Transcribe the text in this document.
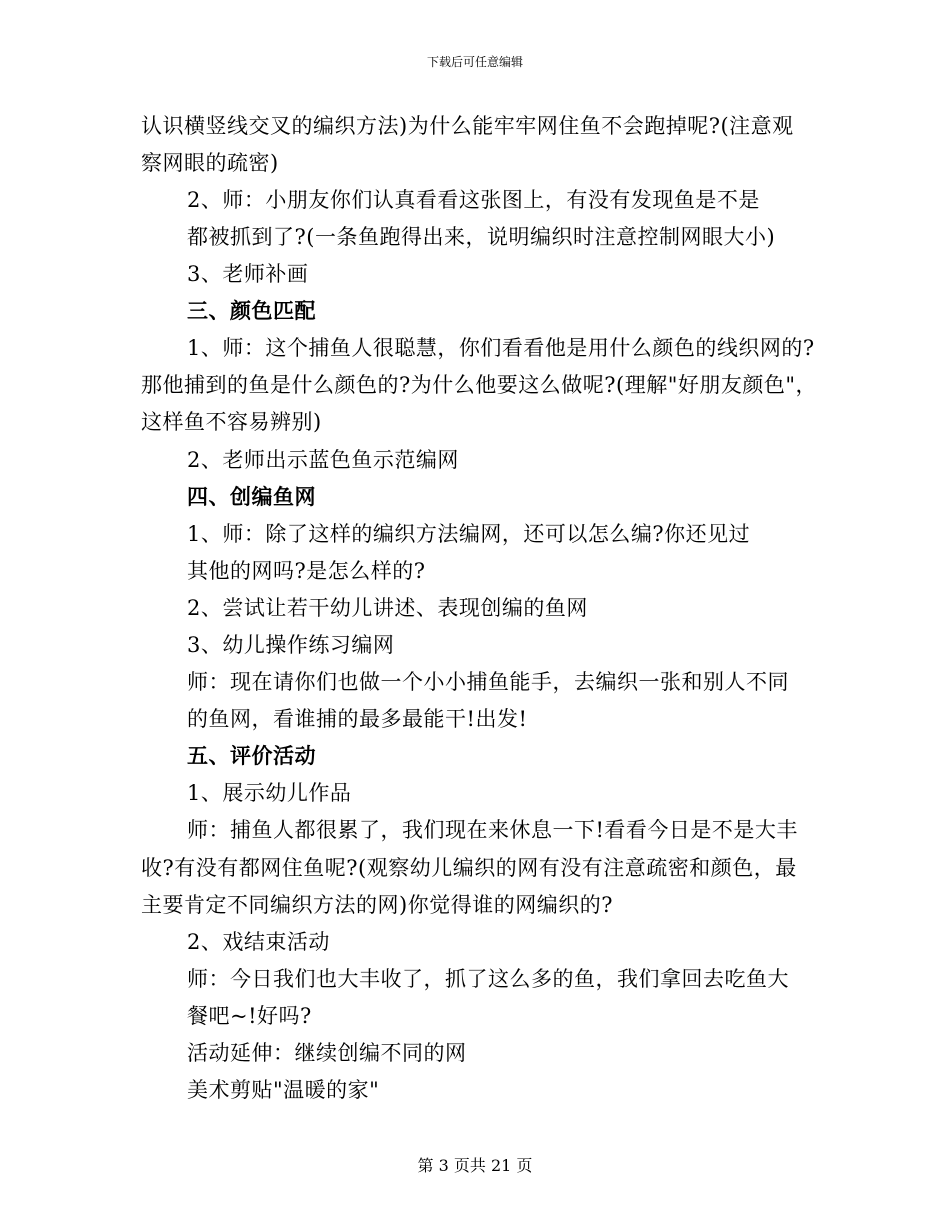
下载后可任意编辑
认识横竖线交叉的编织方法)为什么能牢牢网住鱼不会跑掉呢?(注意观
察网眼的疏密)
2、师：小朋友你们认真看看这张图上，有没有发现鱼是不是
都被抓到了?(一条鱼跑得出来，说明编织时注意控制网眼大小)
3、老师补画
三、颜色匹配
1、师：这个捕鱼人很聪慧，你们看看他是用什么颜色的线织网的?
那他捕到的鱼是什么颜色的?为什么他要这么做呢?(理解"好朋友颜色"，
这样鱼不容易辨别)
2、老师出示蓝色鱼示范编网
四、创编鱼网
1、师：除了这样的编织方法编网，还可以怎么编?你还见过
其他的网吗?是怎么样的?
2、尝试让若干幼儿讲述、表现创编的鱼网
3、幼儿操作练习编网
师：现在请你们也做一个小小捕鱼能手，去编织一张和别人不同
的鱼网，看谁捕的最多最能干!出发!
五、评价活动
1、展示幼儿作品
师：捕鱼人都很累了，我们现在来休息一下!看看今日是不是大丰
收?有没有都网住鱼呢?(观察幼儿编织的网有没有注意疏密和颜色，最
主要肯定不同编织方法的网)你觉得谁的网编织的?
2、戏结束活动
师：今日我们也大丰收了，抓了这么多的鱼，我们拿回去吃鱼大
餐吧~!好吗?
活动延伸：继续创编不同的网
美术剪贴"温暖的家"
第 3 页共 21 页
